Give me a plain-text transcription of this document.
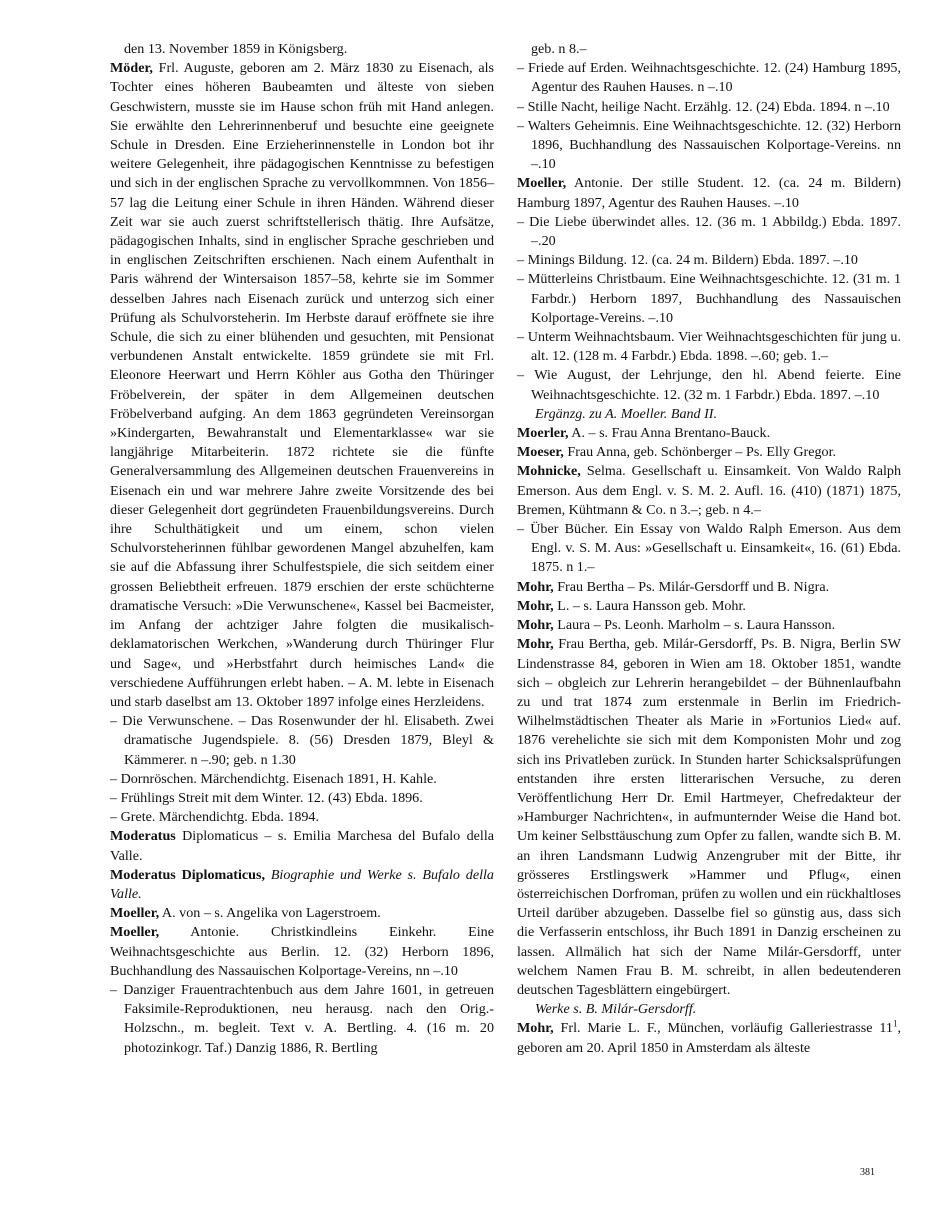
den 13. November 1859 in Königsberg.

Möder, Frl. Auguste, geboren am 2. März 1830 zu Eisenach, als Tochter eines höheren Baubeamten und älteste von sieben Geschwistern, musste sie im Hause schon früh mit Hand anlegen. Sie erwählte den Lehrerinnenberuf und besuchte eine geeignete Schule in Dresden. Eine Erzieherinnenstelle in London bot ihr weitere Gelegenheit, ihre pädagogischen Kenntnisse zu befestigen und sich in der englischen Sprache zu vervollkommnen. Von 1856–57 lag die Leitung einer Schule in ihren Händen. Während dieser Zeit war sie auch zuerst schriftstellerisch thätig. Ihre Aufsätze, pädagogischen Inhalts, sind in englischer Sprache geschrieben und in englischen Zeitschriften erschienen. Nach einem Aufenthalt in Paris während der Wintersaison 1857–58, kehrte sie im Sommer desselben Jahres nach Eisenach zurück und unterzog sich einer Prüfung als Schulvorsteherin. Im Herbste darauf eröffnete sie ihre Schule, die sich zu einer blühenden und gesuchten, mit Pensionat verbundenen Anstalt entwickelte. 1859 gründete sie mit Frl. Eleonore Heerwart und Herrn Köhler aus Gotha den Thüringer Fröbelverein, der später in dem Allgemeinen deutschen Fröbelverband aufging. An dem 1863 gegründeten Vereinsorgan »Kindergarten, Bewahranstalt und Elementarklasse« war sie langjährige Mitarbeiterin. 1872 richtete sie die fünfte Generalversammlung des Allgemeinen deutschen Frauenvereins in Eisenach ein und war mehrere Jahre zweite Vorsitzende des bei dieser Gelegenheit dort gegründeten Frauenbildungsvereins. Durch ihre Schulthätigkeit und um einem, schon vielen Schulvorsteherinnen fühlbar gewordenen Mangel abzuhelfen, kam sie auf die Abfassung ihrer Schulfestspiele, die sich seitdem einer grossen Beliebtheit erfreuen. 1879 erschien der erste schüchterne dramatische Versuch: »Die Verwunschene«, Kassel bei Bacmeister, im Anfang der achtziger Jahre folgten die musikalisch-deklamatorischen Werkchen, »Wanderung durch Thüringer Flur und Sage«, und »Herbstfahrt durch heimisches Land« die verschiedene Aufführungen erlebt haben. – A. M. lebte in Eisenach und starb daselbst am 13. Oktober 1897 infolge eines Herzleidens.

– Die Verwunschene. – Das Rosenwunder der hl. Elisabeth. Zwei dramatische Jugendspiele. 8. (56) Dresden 1879, Bleyl & Kämmerer. n –.90; geb. n 1.30

– Dornröschen. Märchendichtg. Eisenach 1891, H. Kahle.

– Frühlings Streit mit dem Winter. 12. (43) Ebda. 1896.

– Grete. Märchendichtg. Ebda. 1894.

Moderatus Diplomaticus – s. Emilia Marchesa del Bufalo della Valle.

Moderatus Diplomaticus, Biographie und Werke s. Bufalo della Valle.

Moeller, A. von – s. Angelika von Lagerstroem.

Moeller, Antonie. Christkindleins Einkehr. Eine Weihnachtsgeschichte aus Berlin. 12. (32) Herborn 1896, Buchhandlung des Nassauischen Kolportage-Vereins, nn –.10

– Danziger Frauentrachtenbuch aus dem Jahre 1601, in getreuen Faksimile-Reproduktionen, neu herausg. nach den Orig.-Holzschn., m. begleit. Text v. A. Bertling. 4. (16 m. 20 photozinkogr. Taf.) Danzig 1886, R. Bertling

geb. n 8.–

– Friede auf Erden. Weihnachtsgeschichte. 12. (24) Hamburg 1895, Agentur des Rauhen Hauses. n –.10

– Stille Nacht, heilige Nacht. Erzählg. 12. (24) Ebda. 1894. n –.10

– Walters Geheimnis. Eine Weihnachtsgeschichte. 12. (32) Herborn 1896, Buchhandlung des Nassauischen Kolportage-Vereins. nn –.10

Moeller, Antonie. Der stille Student. 12. (ca. 24 m. Bildern) Hamburg 1897, Agentur des Rauhen Hauses. –.10

– Die Liebe überwindet alles. 12. (36 m. 1 Abbildg.) Ebda. 1897. –.20

– Minings Bildung. 12. (ca. 24 m. Bildern) Ebda. 1897. –.10

– Mütterleins Christbaum. Eine Weihnachtsgeschichte. 12. (31 m. 1 Farbdr.) Herborn 1897, Buchhandlung des Nassauischen Kolportage-Vereins. –.10

– Unterm Weihnachtsbaum. Vier Weihnachtsgeschichten für jung u. alt. 12. (128 m. 4 Farbdr.) Ebda. 1898. –.60; geb. 1.–

– Wie August, der Lehrjunge, den hl. Abend feierte. Eine Weihnachtsgeschichte. 12. (32 m. 1 Farbdr.) Ebda. 1897. –.10

Ergänzg. zu A. Moeller. Band II.

Moerler, A. – s. Frau Anna Brentano-Bauck.

Moeser, Frau Anna, geb. Schönberger – Ps. Elly Gregor.

Mohnicke, Selma. Gesellschaft u. Einsamkeit. Von Waldo Ralph Emerson. Aus dem Engl. v. S. M. 2. Aufl. 16. (410) (1871) 1875, Bremen, Kühtmann & Co. n 3.–; geb. n 4.–

– Über Bücher. Ein Essay von Waldo Ralph Emerson. Aus dem Engl. v. S. M. Aus: »Gesellschaft u. Einsamkeit«, 16. (61) Ebda. 1875. n 1.–

Mohr, Frau Bertha – Ps. Milár-Gersdorff und B. Nigra.

Mohr, L. – s. Laura Hansson geb. Mohr.

Mohr, Laura – Ps. Leonh. Marholm – s. Laura Hansson.

Mohr, Frau Bertha, geb. Milár-Gersdorff, Ps. B. Nigra, Berlin SW Lindenstrasse 84, geboren in Wien am 18. Oktober 1851, wandte sich – obgleich zur Lehrerin herangebildet – der Bühnenlaufbahn zu und trat 1874 zum erstenmale in Berlin im Friedrich-Wilhelmstädtischen Theater als Marie in »Fortunios Lied« auf. 1876 verehelichte sie sich mit dem Komponisten Mohr und zog sich ins Privatleben zurück. In Stunden harter Schicksalsprüfungen entstanden ihre ersten litterarischen Versuche, zu deren Veröffentlichung Herr Dr. Emil Hartmeyer, Chefredakteur der »Hamburger Nachrichten«, in aufmunternder Weise die Hand bot. Um keiner Selbsttäuschung zum Opfer zu fallen, wandte sich B. M. an ihren Landsmann Ludwig Anzengruber mit der Bitte, ihr grösseres Erstlingswerk »Hammer und Pflug«, einen österreichischen Dorfroman, prüfen zu wollen und ein rückhaltloses Urteil darüber abzugeben. Dasselbe fiel so günstig aus, dass sich die Verfasserin entschloss, ihr Buch 1891 in Danzig erscheinen zu lassen. Allmälich hat sich der Name Milár-Gersdorff, unter welchem Namen Frau B. M. schreibt, in allen bedeutenderen deutschen Tagesblättern eingebürgert.

Werke s. B. Milár-Gersdorff.

Mohr, Frl. Marie L. F., München, vorläufig Galleriestrasse $11^1$, geboren am 20. April 1850 in Amsterdam als älteste

381
